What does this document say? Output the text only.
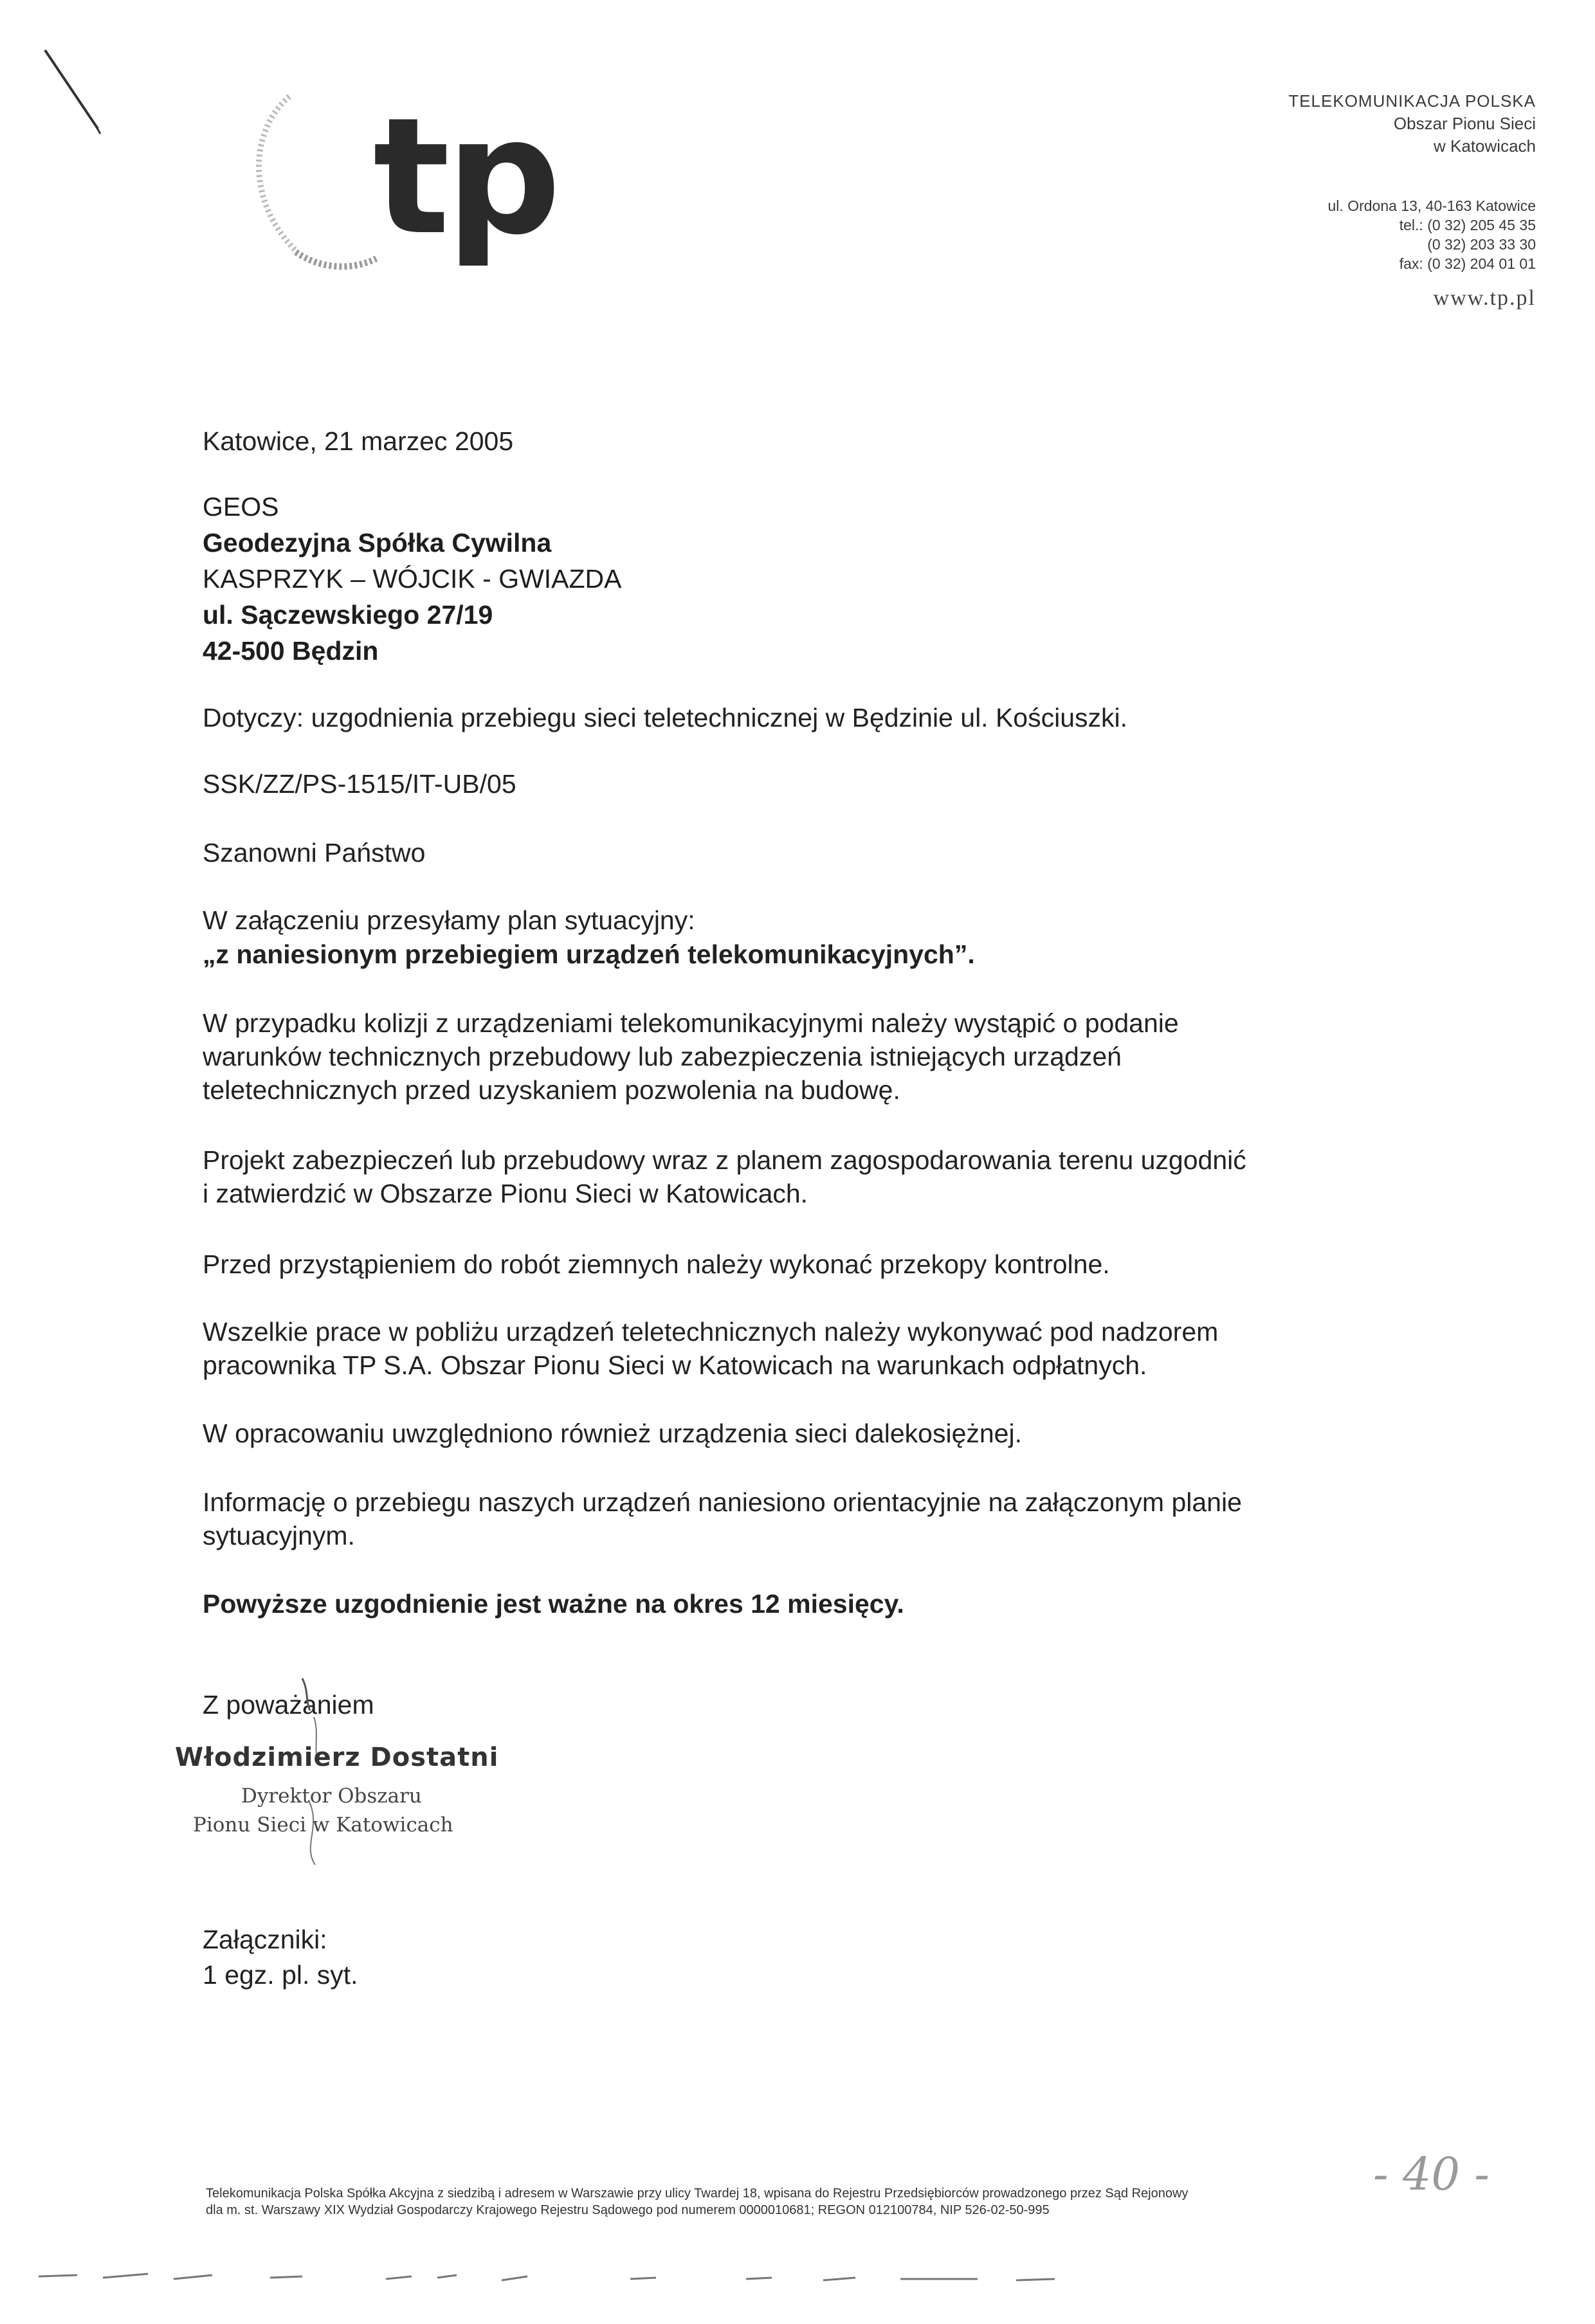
tp	TELEKOMUNIKACJA POLSKA
Obszar Pionu Sieci
w Katowicach
ul. Ordona 13, 40-163 Katowice
tel.: (0 32) 205 45 35
(0 32) 203 33 30
fax: (0 32) 204 01 01
www.tp.pl
Katowice, 21 marzec 2005
GEOS
Geodezyjna Spółka Cywilna
KASPRZYK – WÓJCIK - GWIAZDA
ul. Sączewskiego 27/19
42-500 Będzin
Dotyczy: uzgodnienia przebiegu sieci teletechnicznej w Będzinie ul. Kościuszki.
SSK/ZZ/PS-1515/IT-UB/05
Szanowni Państwo
W załączeniu przesyłamy plan sytuacyjny:
„z naniesionym przebiegiem urządzeń telekomunikacyjnych”.
W przypadku kolizji z urządzeniami telekomunikacyjnymi należy wystąpić o podanie
warunków technicznych przebudowy lub zabezpieczenia istniejących urządzeń
teletechnicznych przed uzyskaniem pozwolenia na budowę.
Projekt zabezpieczeń lub przebudowy wraz z planem zagospodarowania terenu uzgodnić
i zatwierdzić w Obszarze Pionu Sieci w Katowicach.
Przed przystąpieniem do robót ziemnych należy wykonać przekopy kontrolne.
Wszelkie prace w pobliżu urządzeń teletechnicznych należy wykonywać pod nadzorem
pracownika TP S.A. Obszar Pionu Sieci w Katowicach na warunkach odpłatnych.
W opracowaniu uwzględniono również urządzenia sieci dalekosiężnej.
Informację o przebiegu naszych urządzeń naniesiono orientacyjnie na załączonym planie
sytuacyjnym.
Powyższe uzgodnienie jest ważne na okres 12 miesięcy.
Z poważaniem
Włodzimierz Dostatni
Dyrektor Obszaru
Pionu Sieci w Katowicach
Załączniki:
1 egz. pl. syt.
Telekomunikacja Polska Spółka Akcyjna z siedzibą i adresem w Warszawie przy ulicy Twardej 18, wpisana do Rejestru Przedsiębiorców prowadzonego przez Sąd Rejonowy
dla m. st. Warszawy XIX Wydział Gospodarczy Krajowego Rejestru Sądowego pod numerem 0000010681; REGON 012100784, NIP 526-02-50-995
- 40 -
